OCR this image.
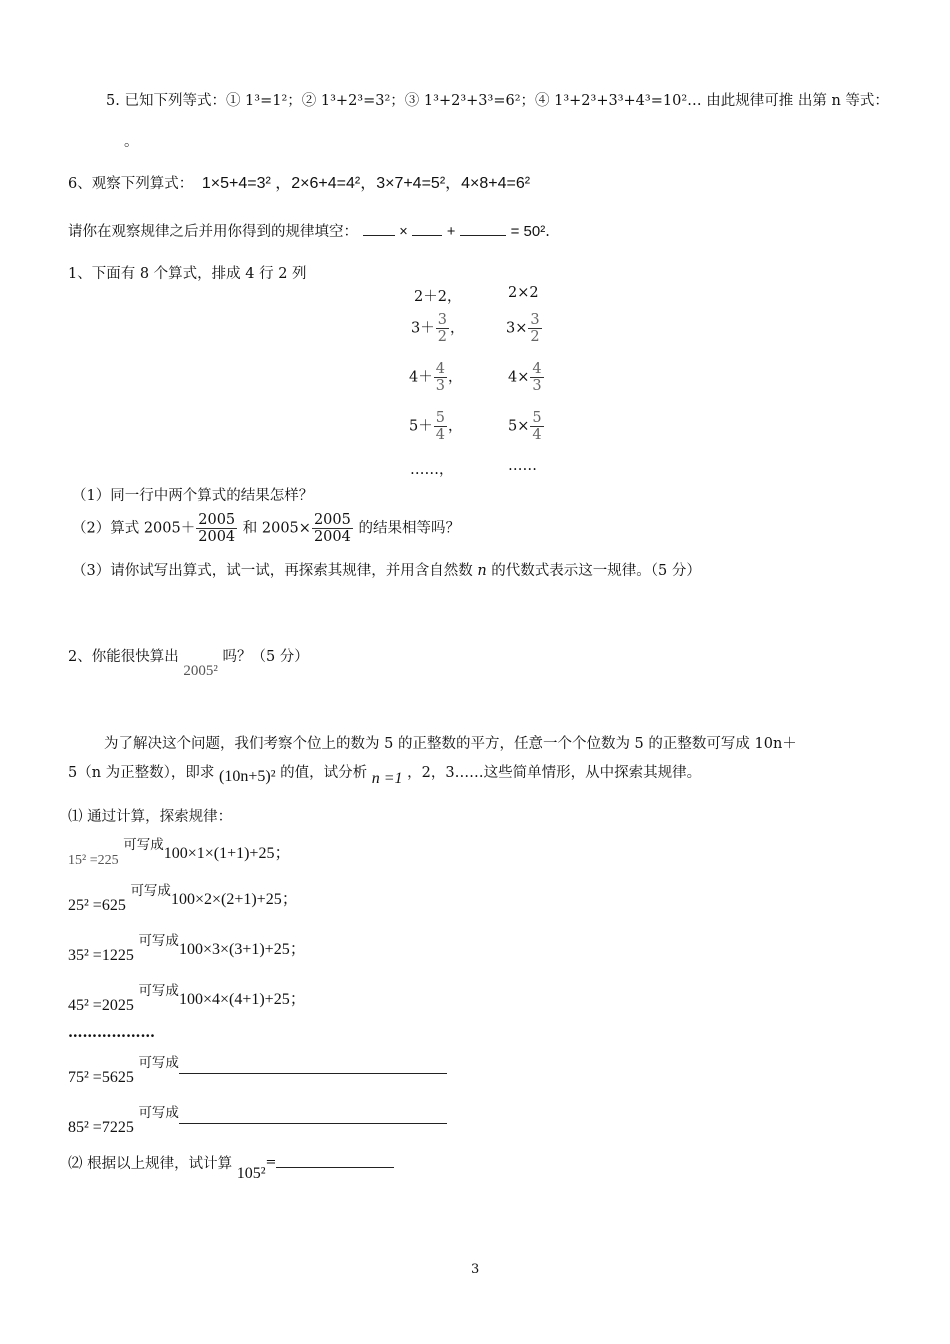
5. 已知下列等式：① 1³=1²；② 1³+2³=3²；③ 1³+2³+3³=6²；④ 1³+2³+3³+4³=10²… 由此规律可推 出第 n 等式：
。
6、观察下列算式： 1×5+4=3² ，2×6+4=4²，3×7+4=5²，4×8+4=6²
请你在观察规律之后并用你得到的规律填空：	×	+	= 50².
1、下面有 8 个算式，排成 4 行 2 列
2＋2，	2×2
$3+ \frac{3}{2}$ ，	$3\times \frac{3}{2}$
$4+ \frac{4}{3}$ ，	$4\times \frac{4}{3}$
$5+ \frac{5}{4}$ ，	$5\times \frac{5}{4}$
……，	……
（1）同一行中两个算式的结果怎样？
（2）算式 $2005+ \frac{2005}{2004}$ 和 $2005\times \frac{2005}{2004}$ 的结果相等吗？
（3）请你试写出算式，试一试，再探索其规律，并用含自然数 n 的代数式表示这一规律。（5 分）
2、你能很快算出 2005² 吗？（5 分）
为了解决这个问题，我们考察个位上的数为 5 的正整数的平方，任意一个个位数为 5 的正整数可写成 10n＋
5（n 为正整数），即求 (10n+5)² 的值，试分析 n =1 ，2，3……这些简单情形，从中探索其规律。
⑴ 通过计算，探索规律：
15² =225 可写成100×1×(1+1)+25；
25² =625 可写成100×2×(2+1)+25；
35² =1225 可写成100×3×(3+1)+25；
45² =2025 可写成100×4×(4+1)+25；
………………
75² =5625 可写成
85² =7225 可写成
⑵ 根据以上规律，试计算 105²=
3
